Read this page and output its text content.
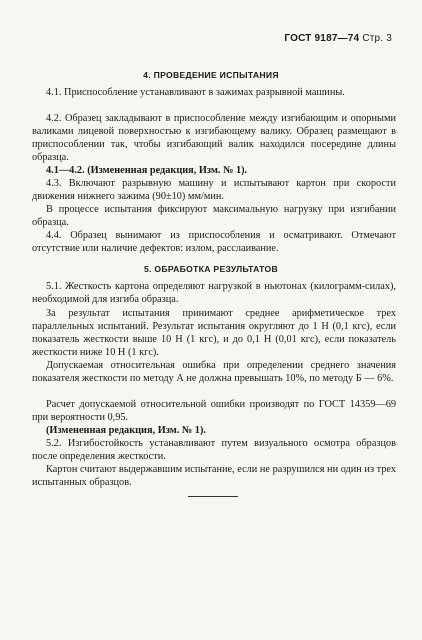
ГОСТ 9187—74 Стр. 3
4. ПРОВЕДЕНИЕ ИСПЫТАНИЯ

4.1. Приспособление устанавливают в зажимах разрывной машины.

4.2. Образец закладывают в приспособление между изгибающим и опорными валиками лицевой поверхностью к изгибающему валику. Образец размещают в приспособлении так, чтобы изгибающий валик находился посередине длины образца.

4.1—4.2. (Измененная редакция, Изм. № 1).

4.3. Включают разрывную машину и испытывают картон при скорости движения нижнего зажима (90±10) мм/мин.

В процессе испытания фиксируют максимальную нагрузку при изгибании образца.

4.4. Образец вынимают из приспособления и осматривают. Отмечают отсутствие или наличие дефектов: излом, расслаивание.

5. ОБРАБОТКА РЕЗУЛЬТАТОВ

5.1. Жесткость картона определяют нагрузкой в ньютонах (килограмм-силах), необходимой для изгиба образца.

За результат испытания принимают среднее арифметическое трех параллельных испытаний. Результат испытания округляют до 1 Н (0,1 кгс), если показатель жесткости выше 10 Н (1 кгс), и до 0,1 Н (0,01 кгс), если показатель жесткости ниже 10 Н (1 кгс).

Допускаемая относительная ошибка при определении среднего значения показателя жесткости по методу А не должна превышать 10%, по методу Б — 6%.

Расчет допускаемой относительной ошибки производят по ГОСТ 14359—69 при вероятности 0,95.

(Измененная редакция, Изм. № 1).

5.2. Изгибостойкость устанавливают путем визуального осмотра образцов после определения жесткости.

Картон считают выдержавшим испытание, если не разрушился ни один из трех испытанных образцов.
